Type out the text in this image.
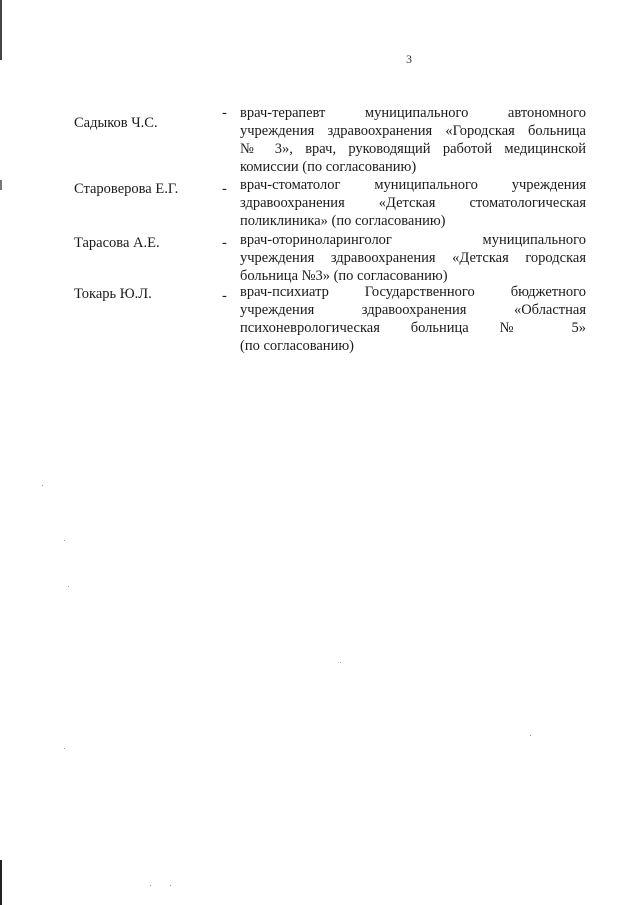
3
Садыков Ч.С.
- врач-терапевт муниципального автономного
учреждения здравоохранения «Городская больница
№ 3», врач, руководящий работой медицинской
комиссии (по согласованию)
Староверова Е.Г.	- врач-стоматолог муниципального учреждения
здравоохранения «Детская стоматологическая
поликлиника» (по согласованию)
Тарасова А.Е.	- врач-оториноларинголог муниципального
учреждения здравоохранения «Детская городская
больница №3» (по согласованию)
Токарь Ю.Л.	- врач-психиатр Государственного бюджетного
учреждения здравоохранения «Областная
психоневрологическая больница № 5»
(по согласованию)
